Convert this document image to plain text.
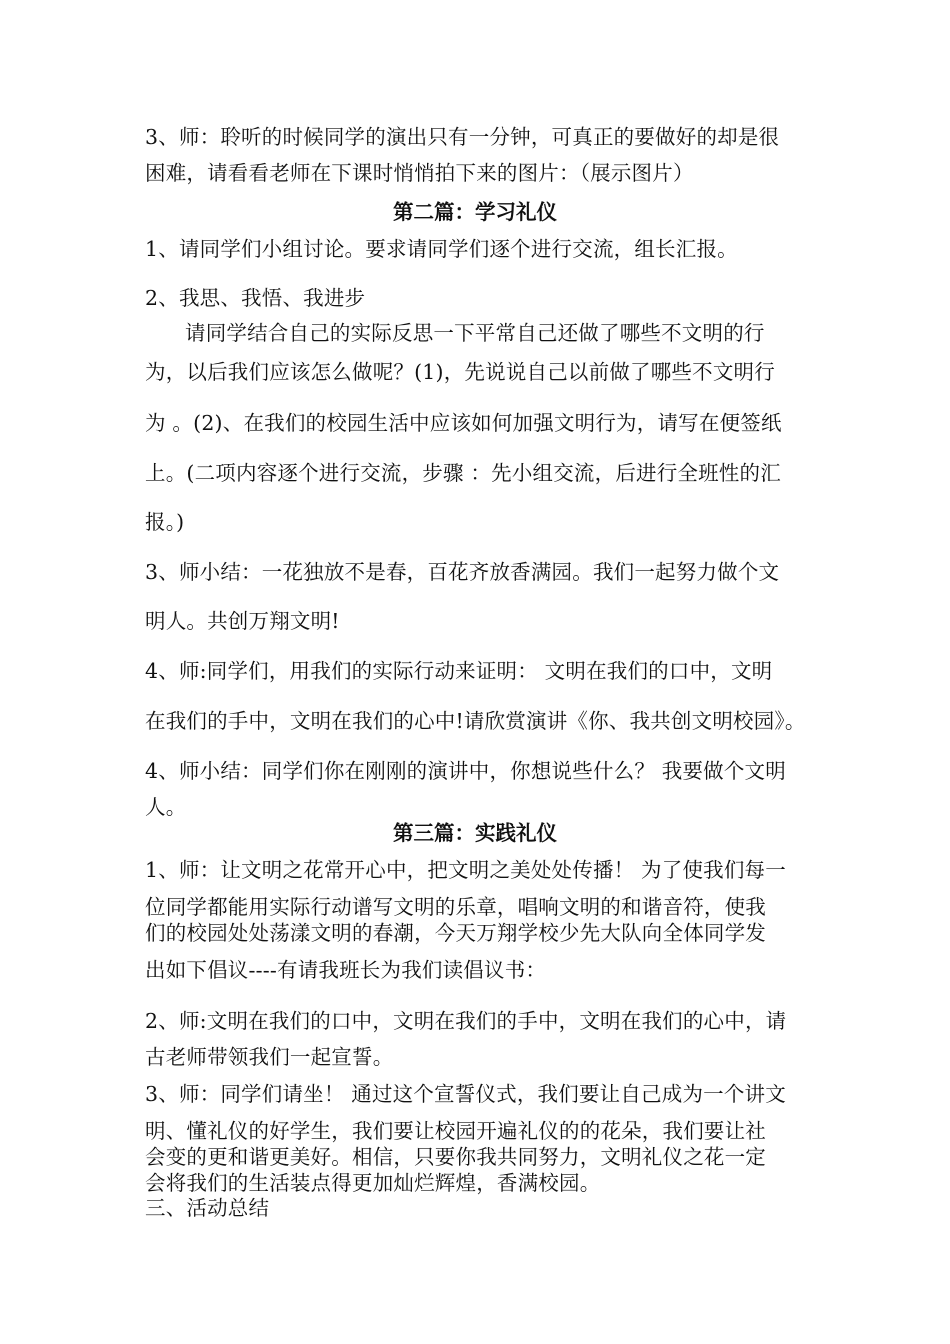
3、师：聆听的时候同学的演出只有一分钟，可真正的要做好的却是很
困难，请看看老师在下课时悄悄拍下来的图片：（展示图片）
第二篇：学习礼仪
1、请同学们小组讨论。要求请同学们逐个进行交流，组长汇报。
2、我思、我悟、我进步
请同学结合自己的实际反思一下平常自己还做了哪些不文明的行
为，以后我们应该怎么做呢？(1)，先说说自己以前做了哪些不文明行
为 。(2)、在我们的校园生活中应该如何加强文明行为，请写在便签纸
上。(二项内容逐个进行交流，步骤 ：先小组交流，后进行全班性的汇
报。)
3、师小结：一花独放不是春，百花齐放香满园。我们一起努力做个文
明人。共创万翔文明!
4、师:同学们，用我们的实际行动来证明： 文明在我们的口中，文明
在我们的手中，文明在我们的心中!请欣赏演讲《你、我共创文明校园》。
4、师小结：同学们你在刚刚的演讲中，你想说些什么？ 我要做个文明
人。
第三篇：实践礼仪
1、师：让文明之花常开心中，把文明之美处处传播！ 为了使我们每一
位同学都能用实际行动谱写文明的乐章，唱响文明的和谐音符，使我
们的校园处处荡漾文明的春潮，今天万翔学校少先大队向全体同学发
出如下倡议----有请我班长为我们读倡议书：
2、师:文明在我们的口中，文明在我们的手中，文明在我们的心中，请
古老师带领我们一起宣誓。
3、师：同学们请坐！ 通过这个宣誓仪式，我们要让自己成为一个讲文
明、懂礼仪的好学生，我们要让校园开遍礼仪的的花朵，我们要让社
会变的更和谐更美好。相信，只要你我共同努力，文明礼仪之花一定
会将我们的生活装点得更加灿烂辉煌，香满校园。
三、活动总结
